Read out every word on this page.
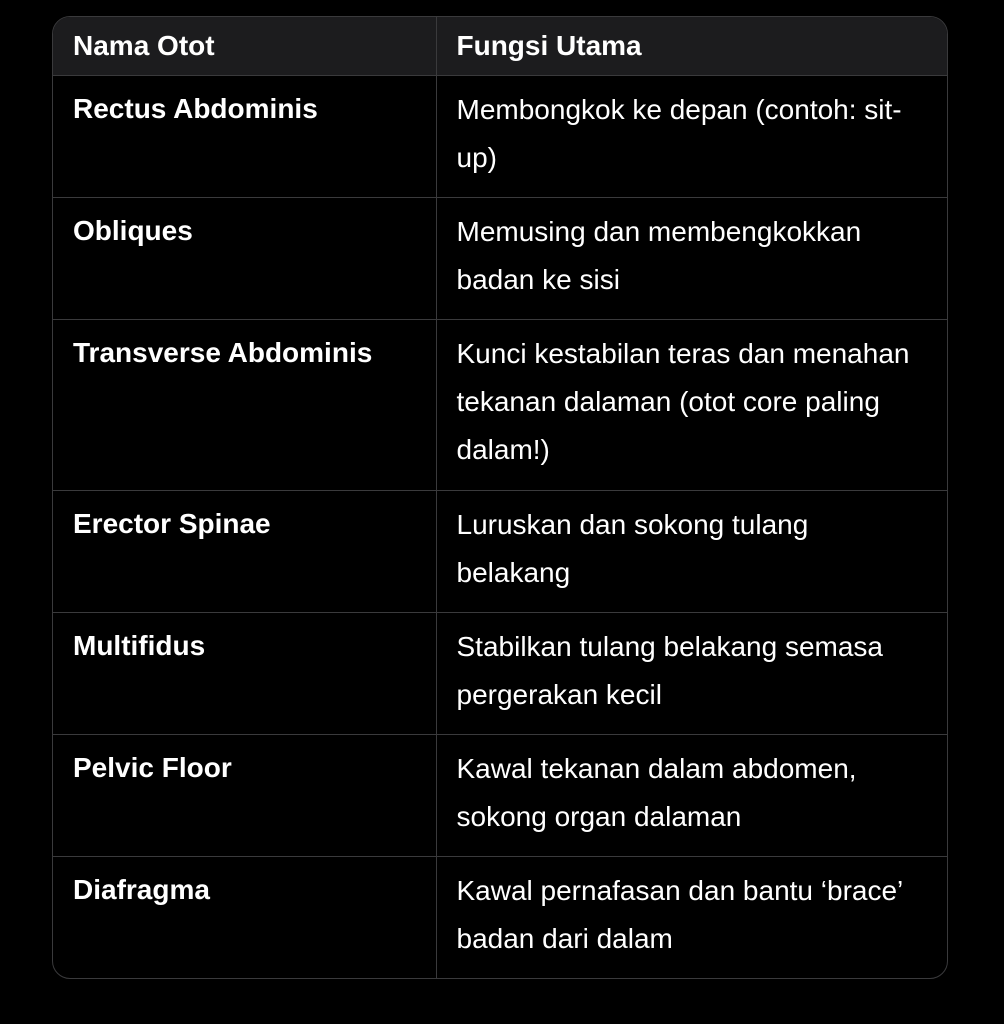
Nama Otot	Fungsi Utama
Rectus Abdominis	Membongkok ke depan (contoh: sit-up)
Obliques	Memusing dan membengkokkan badan ke sisi
Transverse Abdominis	Kunci kestabilan teras dan menahan tekanan dalaman (otot core paling dalam!)
Erector Spinae	Luruskan dan sokong tulang belakang
Multifidus	Stabilkan tulang belakang semasa pergerakan kecil
Pelvic Floor	Kawal tekanan dalam abdomen, sokong organ dalaman
Diafragma	Kawal pernafasan dan bantu ‘brace’ badan dari dalam
